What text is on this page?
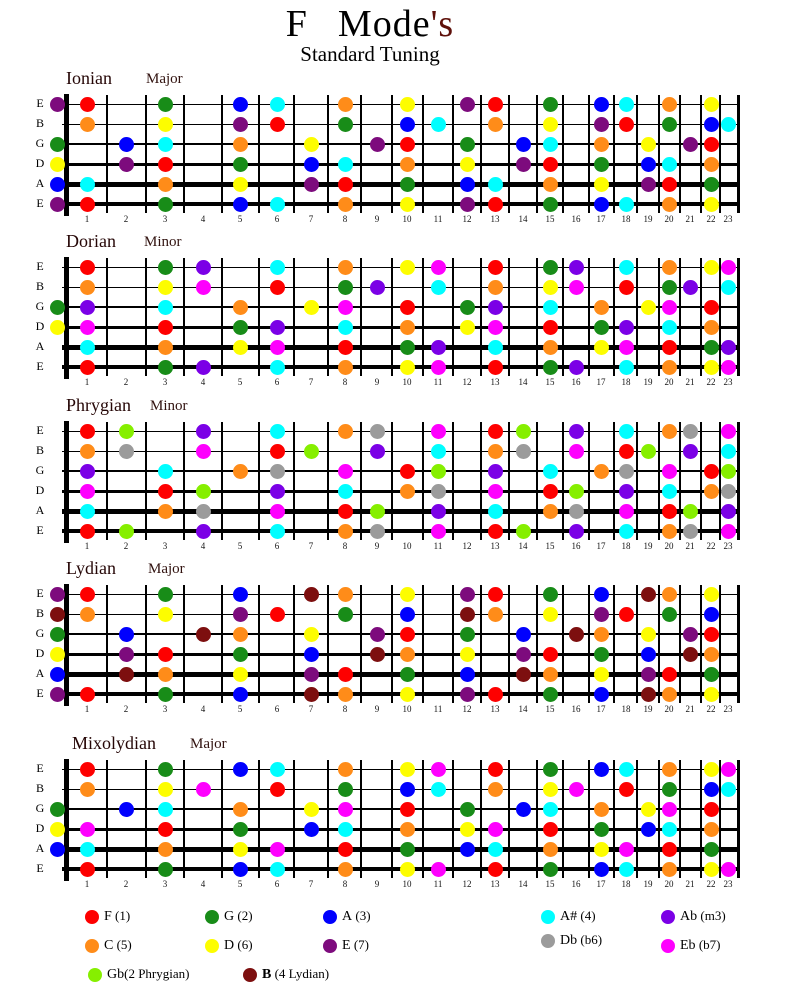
F Mode's
Standard Tuning
Ionian Major
E
B
G
D
A
E
1	2	3	4	5	6	7	8	9	10	11	12	13	14	15	16	17	18	19	20	21	22 23
Dorian Minor
E
B
G
D
A
E
1	2	3	4	5	6	7	8	9	10	11	12	13	14	15	16	17	18	19	20	21	22 23
Phrygian Minor
E
B
G
D
A
E
1	2	3	4	5	6	7	8	9	10	11	12	13	14	15	16	17	18	19	20	21	22 23
Lydian Major
E
B
G
D
A
E
1	2	3	4	5	6	7	8	9	10	11	12	13	14	15	16	17	18	19	20	21	22 23
Mixolydian Major
E
B
G
D
A
E
1	2	3	4	5	6	7	8	9	10	11	12	13	14	15	16	17	18	19	20	21	22 23
F (1)	G (2)	A (3)	A# (4)	Ab (m3)
C (5)	D (6)	E (7)	Db (b6)	Eb (b7)
Gb(2 Phrygian)	B (4 Lydian)
